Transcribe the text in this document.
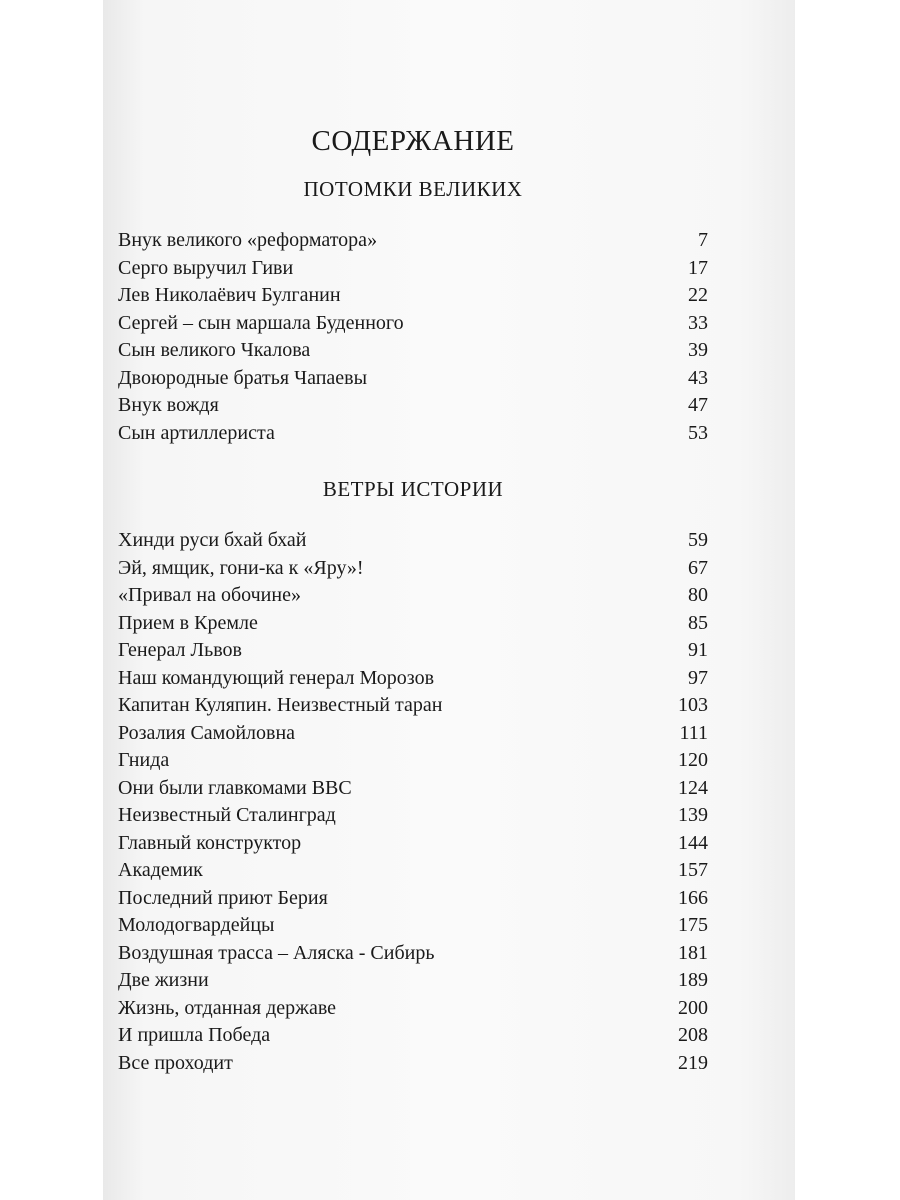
СОДЕРЖАНИЕ
ПОТОМКИ ВЕЛИКИХ
Внук великого «реформатора»	7
Серго выручил Гиви	17
Лев Николаёвич Булганин	22
Сергей – сын маршала Буденного	33
Сын великого Чкалова	39
Двоюродные братья Чапаевы	43
Внук вождя	47
Сын артиллериста	53
ВЕТРЫ ИСТОРИИ
Хинди руси бхай бхай	59
Эй, ямщик, гони-ка к «Яру»!	67
«Привал на обочине»	80
Прием в Кремле	85
Генерал Львов	91
Наш командующий генерал Морозов	97
Капитан Куляпин. Неизвестный таран	103
Розалия Самойловна	111
Гнида	120
Они были главкомами ВВС	124
Неизвестный Сталинград	139
Главный конструктор	144
Академик	157
Последний приют Берия	166
Молодогвардейцы	175
Воздушная трасса – Аляска - Сибирь	181
Две жизни	189
Жизнь, отданная державе	200
И пришла Победа	208
Все проходит	219
